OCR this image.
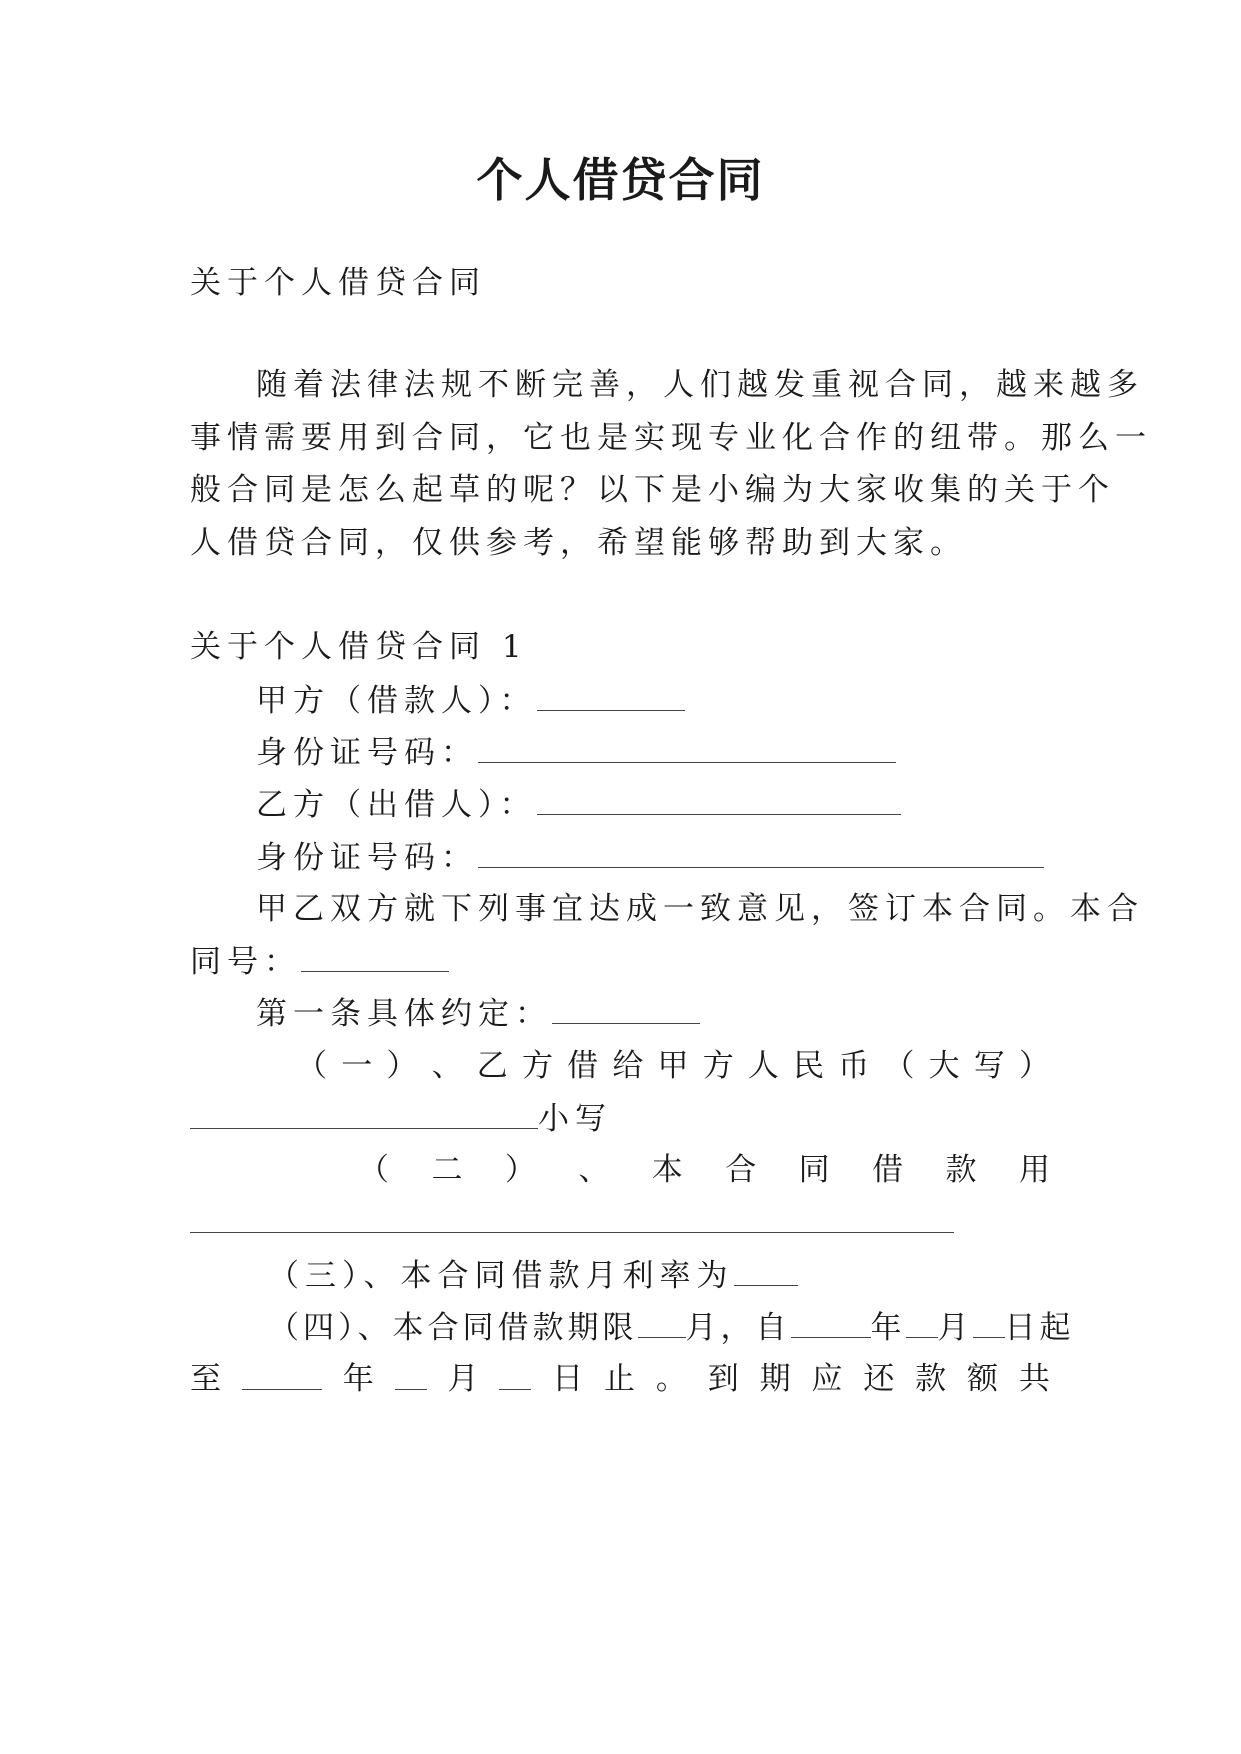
个人借贷合同
关于个人借贷合同
随着法律法规不断完善，人们越发重视合同，越来越多
事情需要用到合同，它也是实现专业化合作的纽带。那么一
般合同是怎么起草的呢？以下是小编为大家收集的关于个
人借贷合同，仅供参考，希望能够帮助到大家。
关于个人借贷合同 1
甲方（借款人）：
身份证号码：
乙方（出借人）：
身份证号码：
甲乙双方就下列事宜达成一致意见，签订本合同。本合
同号：
第一条具体约定：
（ 一 ） 、 乙 方 借 给 甲 方 人 民 币 （ 大 写 ）
小写
（ 二 ） 、 本 合 同 借 款 用
（三）、本合同借款月利率为
（四）、本合同借款期限 月，自	年 月 日起
至	年 月 日 止 。 到 期 应 还 款 额 共
